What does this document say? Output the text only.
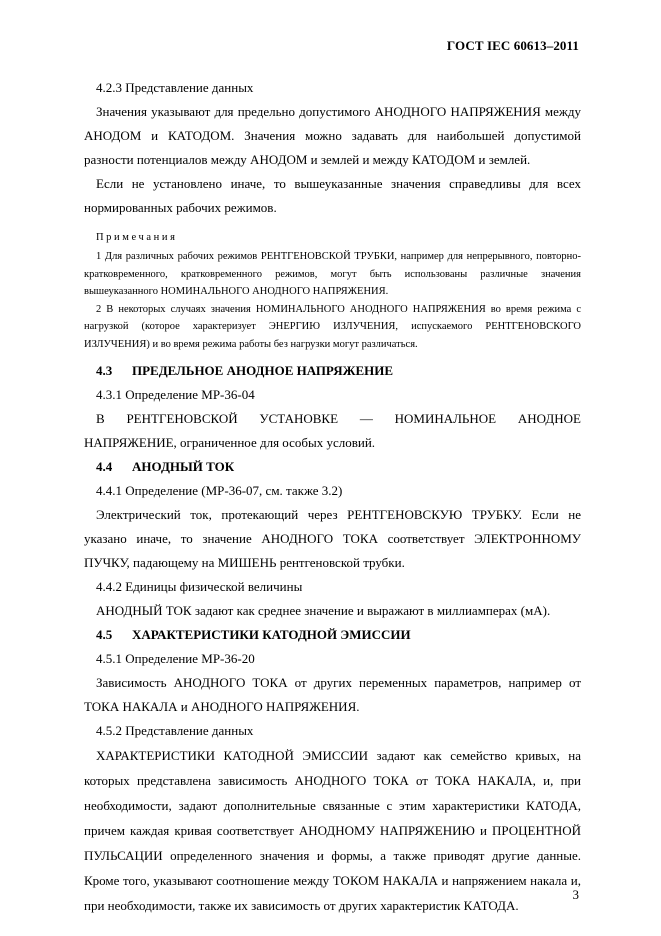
ГОСТ IEC 60613–2011

4.2.3 Представление данных

Значения указывают для предельно допустимого АНОДНОГО НАПРЯЖЕНИЯ между АНОДОМ и КАТОДОМ. Значения можно задавать для наибольшей допустимой разности потенциалов между АНОДОМ и землей и между КАТОДОМ и землей.

Если не установлено иначе, то вышеуказанные значения справедливы для всех нормированных рабочих режимов.

Примечания

1 Для различных рабочих режимов РЕНТГЕНОВСКОЙ ТРУБКИ, например для непрерывного, повторно-кратковременного, кратковременного режимов, могут быть использованы различные значения вышеуказанного НОМИНАЛЬНОГО АНОДНОГО НАПРЯЖЕНИЯ.

2 В некоторых случаях значения НОМИНАЛЬНОГО АНОДНОГО НАПРЯЖЕНИЯ во время режима с нагрузкой (которое характеризует ЭНЕРГИЮ ИЗЛУЧЕНИЯ, испускаемого РЕНТГЕНОВСКОГО ИЗЛУЧЕНИЯ) и во время режима работы без нагрузки могут различаться.

4.3 ПРЕДЕЛЬНОЕ АНОДНОЕ НАПРЯЖЕНИЕ

4.3.1 Определение МР-36-04

В РЕНТГЕНОВСКОЙ УСТАНОВКЕ — НОМИНАЛЬНОЕ АНОДНОЕ НАПРЯЖЕНИЕ, ограниченное для особых условий.

4.4 АНОДНЫЙ ТОК

4.4.1 Определение (МР-36-07, см. также 3.2)

Электрический ток, протекающий через РЕНТГЕНОВСКУЮ ТРУБКУ. Если не указано иначе, то значение АНОДНОГО ТОКА соответствует ЭЛЕКТРОННОМУ ПУЧКУ, падающему на МИШЕНЬ рентгеновской трубки.

4.4.2 Единицы физической величины

АНОДНЫЙ ТОК задают как среднее значение и выражают в миллиамперах (мА).

4.5 ХАРАКТЕРИСТИКИ КАТОДНОЙ ЭМИССИИ

4.5.1 Определение МР-36-20

Зависимость АНОДНОГО ТОКА от других переменных параметров, например от ТОКА НАКАЛА и АНОДНОГО НАПРЯЖЕНИЯ.

4.5.2 Представление данных

ХАРАКТЕРИСТИКИ КАТОДНОЙ ЭМИССИИ задают как семейство кривых, на которых представлена зависимость АНОДНОГО ТОКА от ТОКА НАКАЛА, и, при необходимости, задают дополнительные связанные с этим характеристики КАТОДА, причем каждая кривая соответствует АНОДНОМУ НАПРЯЖЕНИЮ и ПРОЦЕНТНОЙ ПУЛЬСАЦИИ определенного значения и формы, а также приводят другие данные. Кроме того, указывают соотношение между ТОКОМ НАКАЛА и напряжением накала и, при необходимости, также их зависимость от других характеристик КАТОДА.

3
